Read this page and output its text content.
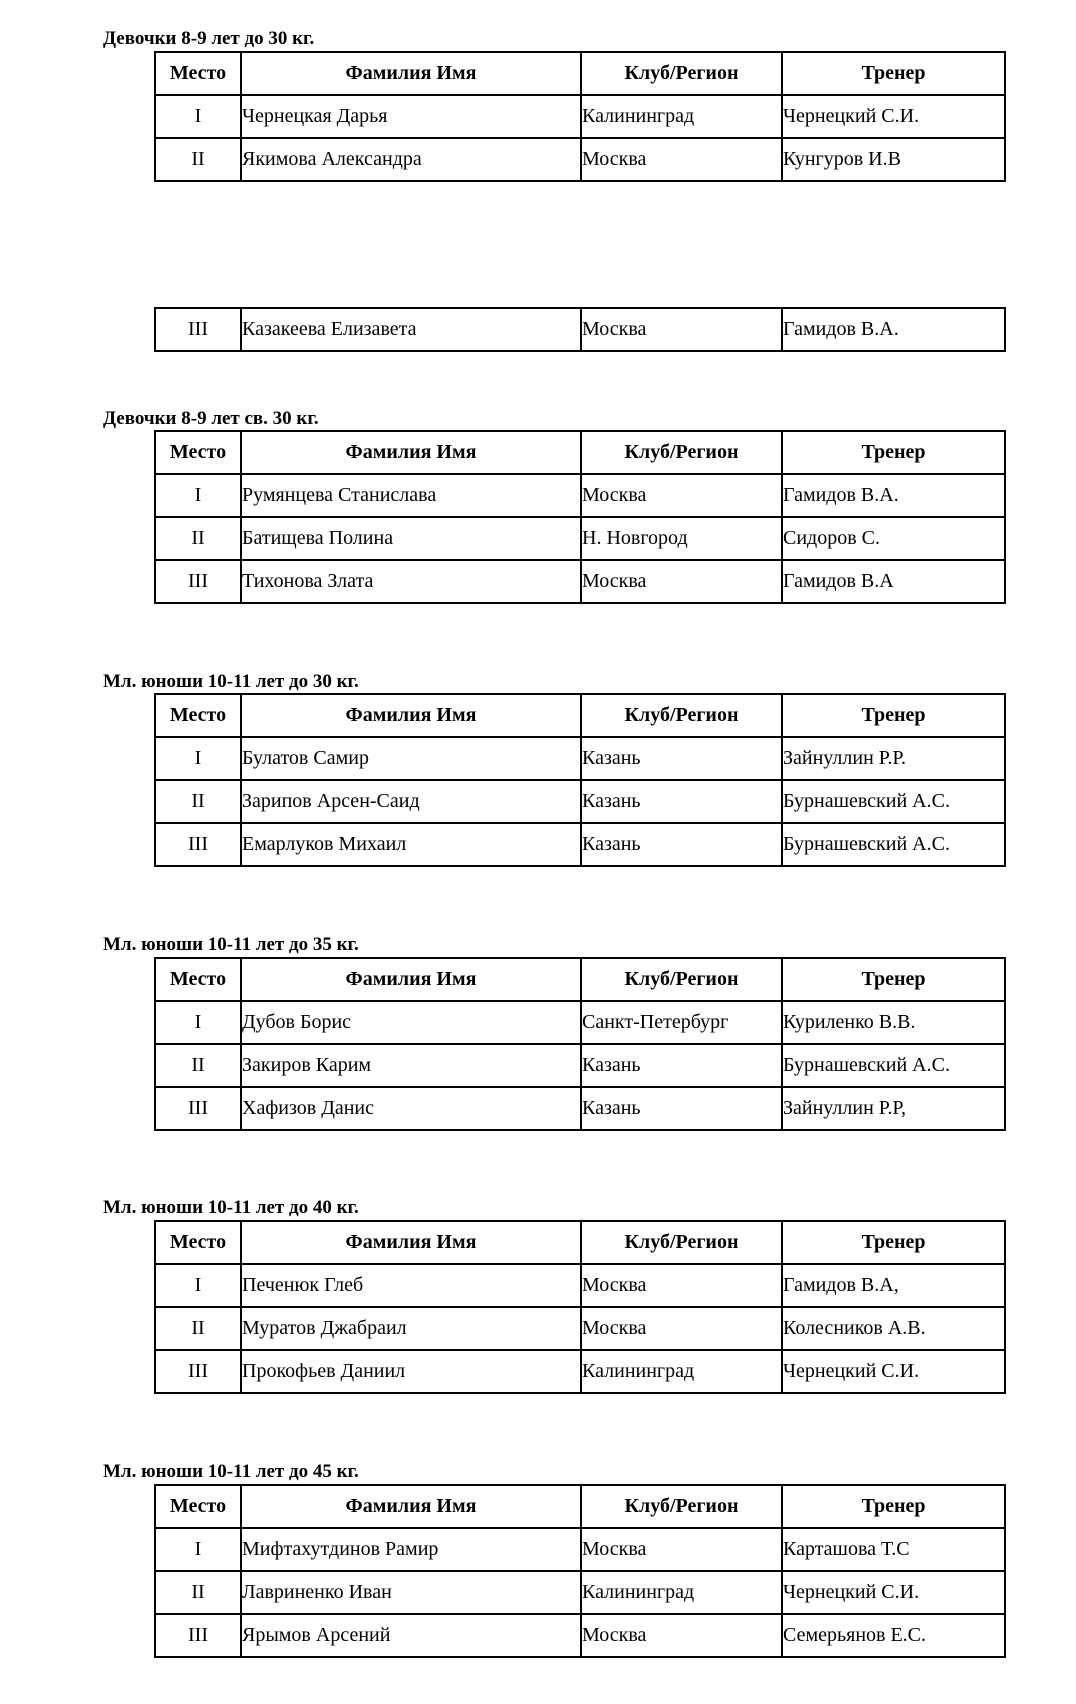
Девочки 8-9 лет до 30 кг.
Место	Фамилия Имя	Клуб/Регион	Тренер
I	Чернецкая Дарья	Калининград	Чернецкий С.И.
II	Якимова Александра	Москва	Кунгуров И.В
III	Казакеева Елизавета	Москва	Гамидов В.А.
Девочки 8-9 лет св. 30 кг.
Место	Фамилия Имя	Клуб/Регион	Тренер
I	Румянцева Станислава	Москва	Гамидов В.А.
II	Батищева Полина	Н. Новгород	Сидоров С.
III	Тихонова Злата	Москва	Гамидов В.А
Мл. юноши 10-11 лет до 30 кг.
Место	Фамилия Имя	Клуб/Регион	Тренер
I	Булатов Самир	Казань	Зайнуллин Р.Р.
II	Зарипов Арсен-Саид	Казань	Бурнашевский А.С.
III	Емарлуков Михаил	Казань	Бурнашевский А.С.
Мл. юноши 10-11 лет до 35 кг.
Место	Фамилия Имя	Клуб/Регион	Тренер
I	Дубов Борис	Санкт-Петербург	Куриленко В.В.
II	Закиров Карим	Казань	Бурнашевский А.С.
III	Хафизов Данис	Казань	Зайнуллин Р.Р,
Мл. юноши 10-11 лет до 40 кг.
Место	Фамилия Имя	Клуб/Регион	Тренер
I	Печенюк Глеб	Москва	Гамидов В.А,
II	Муратов Джабраил	Москва	Колесников А.В.
III	Прокофьев Даниил	Калининград	Чернецкий С.И.
Мл. юноши 10-11 лет до 45 кг.
Место	Фамилия Имя	Клуб/Регион	Тренер
I	Мифтахутдинов Рамир	Москва	Карташова Т.С
II	Лавриненко Иван	Калининград	Чернецкий С.И.
III	Ярымов Арсений	Москва	Семерьянов Е.С.
